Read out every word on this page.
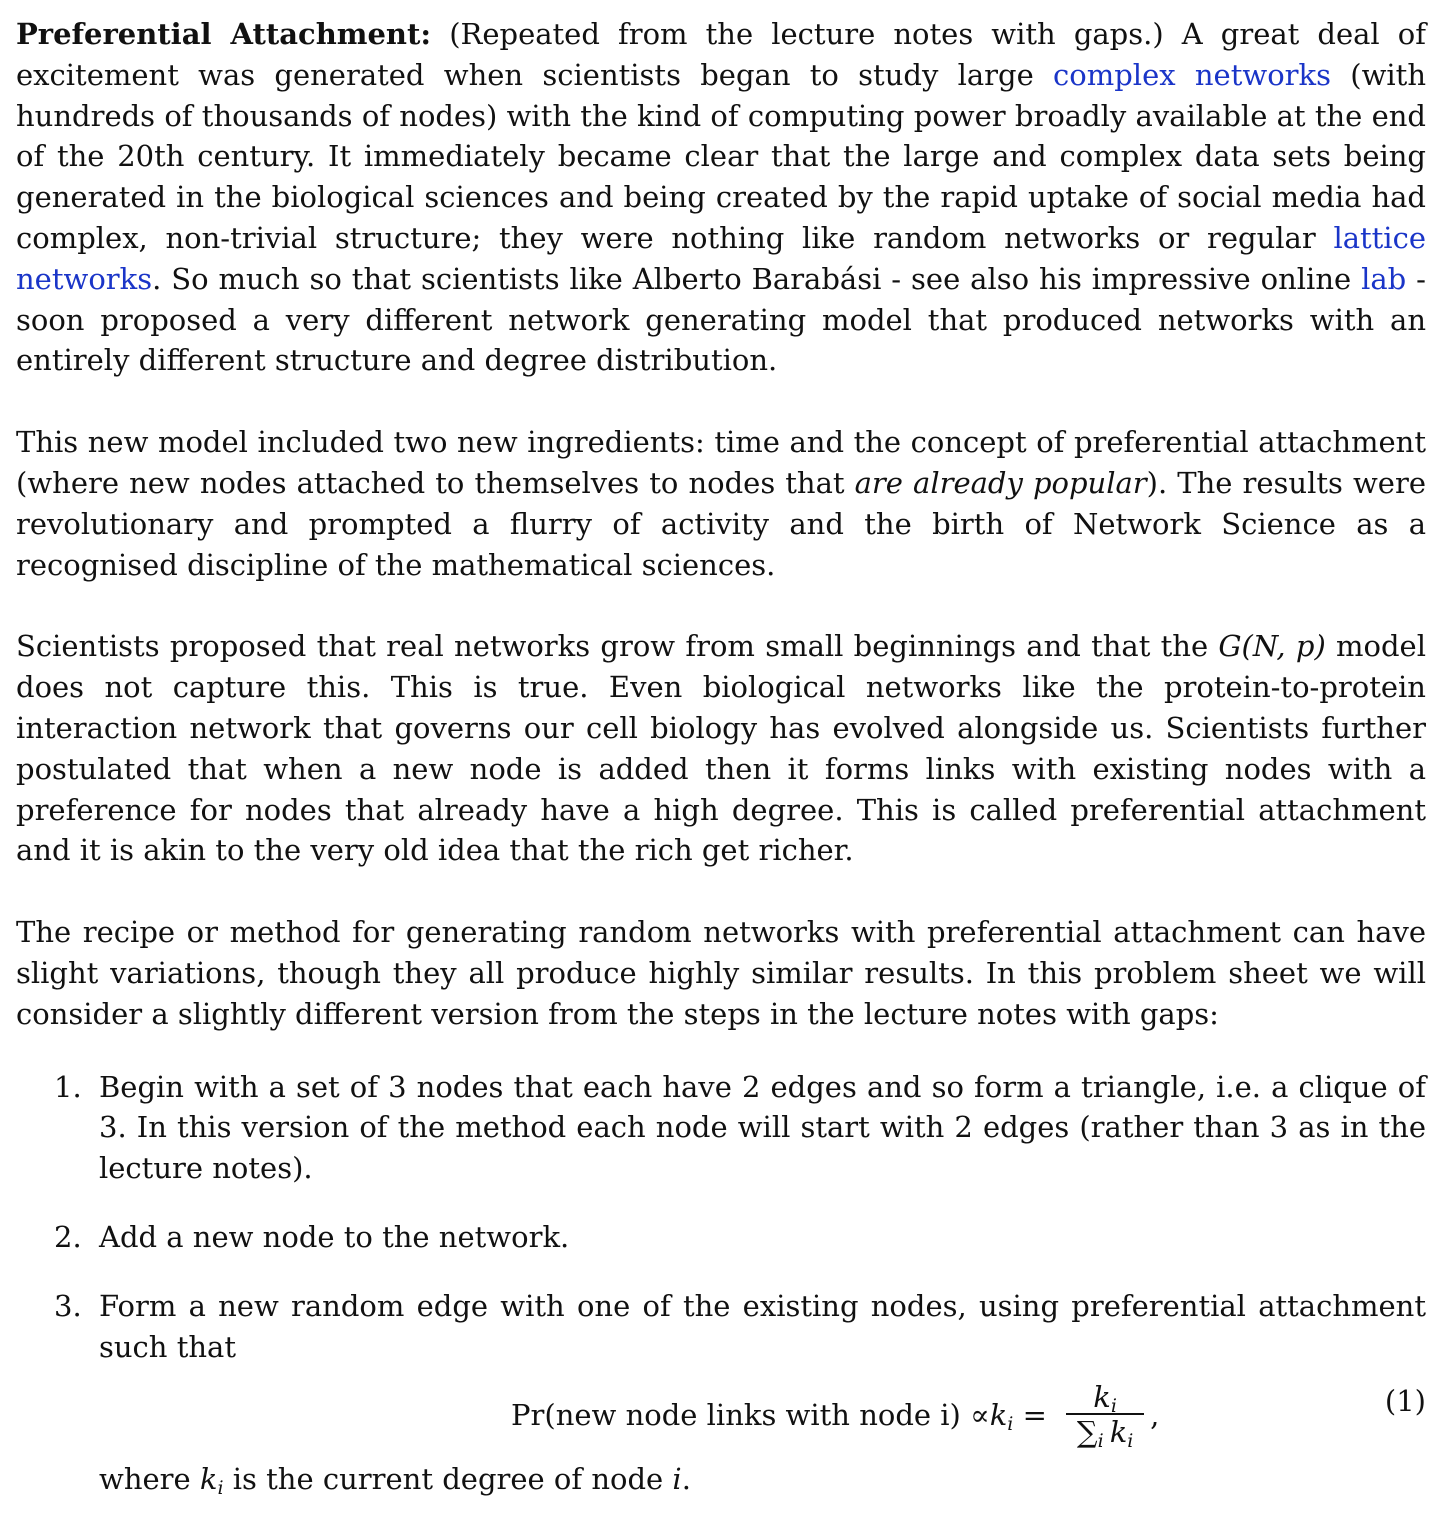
Preferential Attachment: (Repeated from the lecture notes with gaps.) A great deal of excitement was generated when scientists began to study large complex networks (with hundreds of thousands of nodes) with the kind of computing power broadly available at the end of the 20th century. It immediately became clear that the large and complex data sets being generated in the biological sciences and being created by the rapid uptake of social media had complex, non-trivial structure; they were nothing like random networks or regular lattice networks. So much so that scientists like Alberto Barabási - see also his impressive online lab - soon proposed a very different network generating model that produced networks with an entirely different structure and degree distribution.

This new model included two new ingredients: time and the concept of preferential attachment (where new nodes attached to themselves to nodes that are already popular). The results were revolutionary and prompted a flurry of activity and the birth of Network Science as a recognised discipline of the mathematical sciences.

Scientists proposed that real networks grow from small beginnings and that the G(N, p) model does not capture this. This is true. Even biological networks like the protein-to-protein interaction network that governs our cell biology has evolved alongside us. Scientists further postulated that when a new node is added then it forms links with existing nodes with a preference for nodes that already have a high degree. This is called preferential attachment and it is akin to the very old idea that the rich get richer.

The recipe or method for generating random networks with preferential attachment can have slight variations, though they all produce highly similar results. In this problem sheet we will consider a slightly different version from the steps in the lecture notes with gaps:

1. Begin with a set of 3 nodes that each have 2 edges and so form a triangle, i.e. a clique of 3. In this version of the method each node will start with 2 edges (rather than 3 as in the lecture notes).
2. Add a new node to the network.
3. Form a new random edge with one of the existing nodes, using preferential attachment such that
Pr(new node links with node $i) \propto k_i = \frac{k_i}{\sum_i k_i}$ ,	(1)
where $k_i$ is the current degree of node i.
